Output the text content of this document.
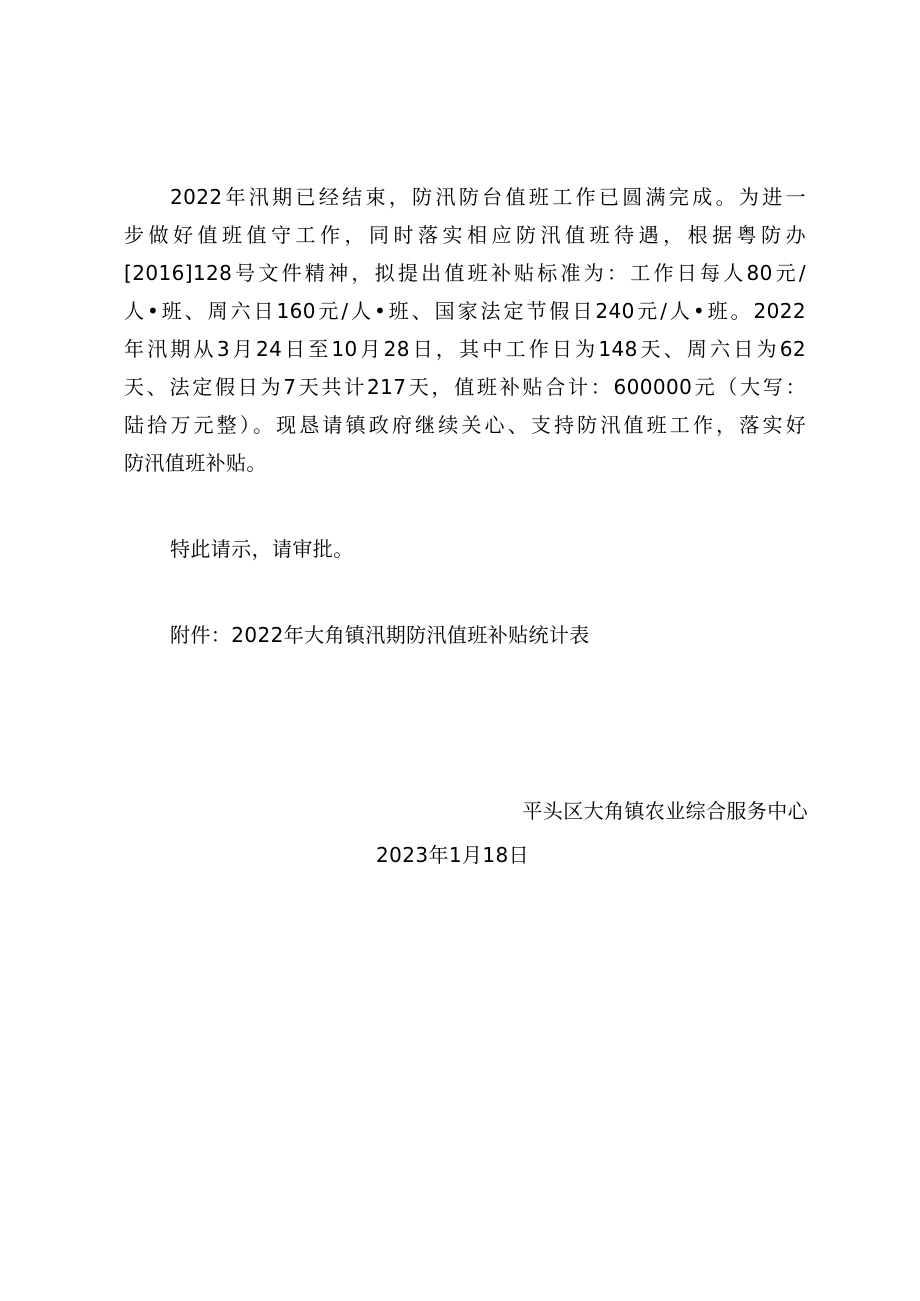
2022年汛期已经结束，防汛防台值班工作已圆满完成。为进一
步做好值班值守工作，同时落实相应防汛值班待遇，根据粤防办
[2016]128号文件精神，拟提出值班补贴标准为：工作日每人80元/
人•班、周六日160元/人•班、国家法定节假日240元/人•班。2022
年汛期从3月24日至10月28日，其中工作日为148天、周六日为62
天、法定假日为7天共计217天，值班补贴合计：600000元（大写：
陆拾万元整）。现恳请镇政府继续关心、支持防汛值班工作，落实好
防汛值班补贴。
特此请示，请审批。
附件：2022年大角镇汛期防汛值班补贴统计表
平头区大角镇农业综合服务中心
2023年1月18日
